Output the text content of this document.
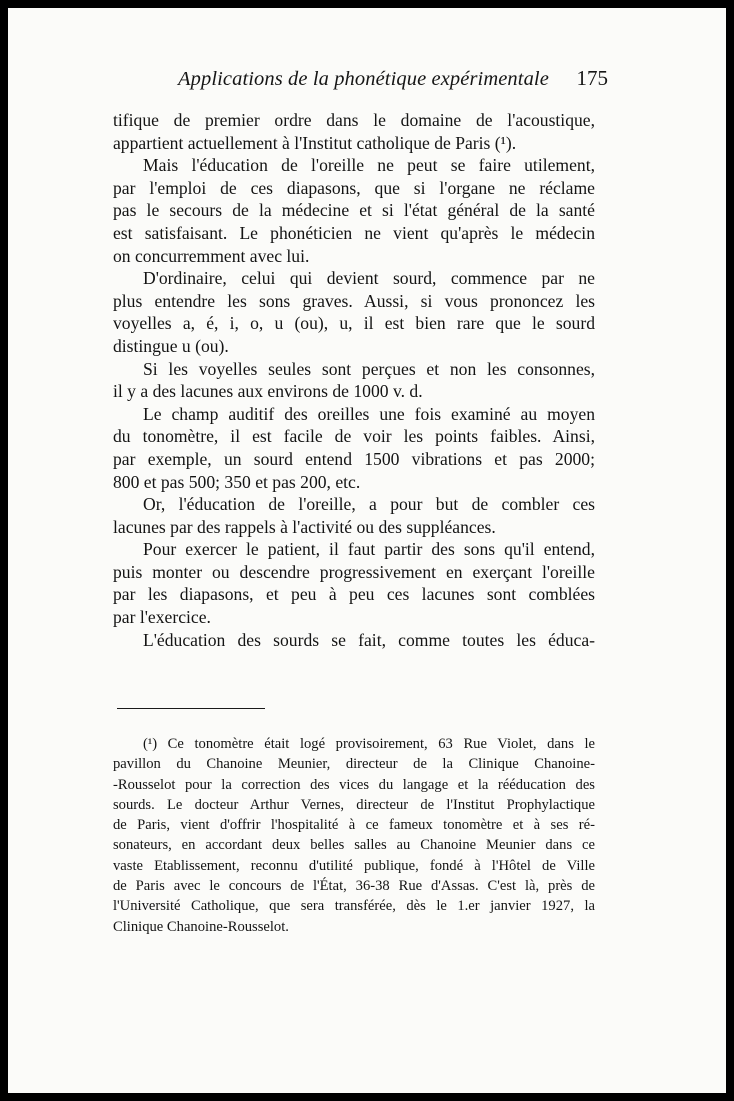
Applications de la phonétique expérimentale 175
tifique de premier ordre dans le domaine de l'acoustique,
appartient actuellement à l'Institut catholique de Paris (¹).
Mais l'éducation de l'oreille ne peut se faire utilement,
par l'emploi de ces diapasons, que si l'organe ne réclame
pas le secours de la médecine et si l'état général de la santé
est satisfaisant. Le phonéticien ne vient qu'après le médecin
on concurremment avec lui.
D'ordinaire, celui qui devient sourd, commence par ne
plus entendre les sons graves. Aussi, si vous prononcez les
voyelles a, é, i, o, u (ou), u, il est bien rare que le sourd
distingue u (ou).
Si les voyelles seules sont perçues et non les consonnes,
il y a des lacunes aux environs de 1000 v. d.
Le champ auditif des oreilles une fois examiné au moyen
du tonomètre, il est facile de voir les points faibles. Ainsi,
par exemple, un sourd entend 1500 vibrations et pas 2000;
800 et pas 500; 350 et pas 200, etc.
Or, l'éducation de l'oreille, a pour but de combler ces
lacunes par des rappels à l'activité ou des suppléances.
Pour exercer le patient, il faut partir des sons qu'il entend,
puis monter ou descendre progressivement en exerçant l'oreille
par les diapasons, et peu à peu ces lacunes sont comblées
par l'exercice.
L'éducation des sourds se fait, comme toutes les éduca-
(¹) Ce tonomètre était logé provisoirement, 63 Rue Violet, dans le
pavillon du Chanoine Meunier, directeur de la Clinique Chanoine-
-Rousselot pour la correction des vices du langage et la rééducation des
sourds. Le docteur Arthur Vernes, directeur de l'Institut Prophylactique
de Paris, vient d'offrir l'hospitalité à ce fameux tonomètre et à ses ré-
sonateurs, en accordant deux belles salles au Chanoine Meunier dans ce
vaste Etablissement, reconnu d'utilité publique, fondé à l'Hôtel de Ville
de Paris avec le concours de l'État, 36-38 Rue d'Assas. C'est là, près de
l'Université Catholique, que sera transférée, dès le 1.er janvier 1927, la
Clinique Chanoine-Rousselot.
